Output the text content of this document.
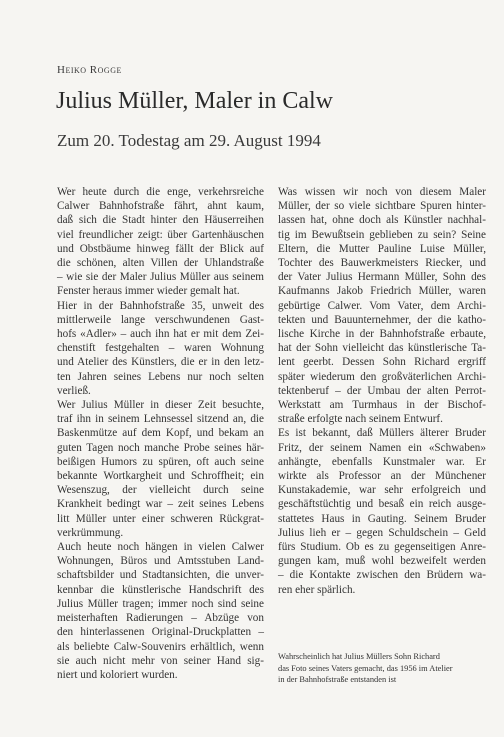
Heiko Rogge
Julius Müller, Maler in Calw
Zum 20. Todestag am 29. August 1994
Wer heute durch die enge, verkehrsreiche
Calwer Bahnhofstraße fährt, ahnt kaum,
daß sich die Stadt hinter den Häuserreihen
viel freundlicher zeigt: über Gartenhäuschen
und Obstbäume hinweg fällt der Blick auf
die schönen, alten Villen der Uhlandstraße
– wie sie der Maler Julius Müller aus seinem
Fenster heraus immer wieder gemalt hat.
Hier in der Bahnhofstraße 35, unweit des
mittlerweile lange verschwundenen Gast-
hofs «Adler» – auch ihn hat er mit dem Zei-
chenstift festgehalten – waren Wohnung
und Atelier des Künstlers, die er in den letz-
ten Jahren seines Lebens nur noch selten
verließ.
Wer Julius Müller in dieser Zeit besuchte,
traf ihn in seinem Lehnsessel sitzend an, die
Baskenmütze auf dem Kopf, und bekam an
guten Tagen noch manche Probe seines här-
beißigen Humors zu spüren, oft auch seine
bekannte Wortkargheit und Schroffheit; ein
Wesenszug, der vielleicht durch seine
Krankheit bedingt war – zeit seines Lebens
litt Müller unter einer schweren Rückgrat-
verkrümmung.
Auch heute noch hängen in vielen Calwer
Wohnungen, Büros und Amtsstuben Land-
schaftsbilder und Stadtansichten, die unver-
kennbar die künstlerische Handschrift des
Julius Müller tragen; immer noch sind seine
meisterhaften Radierungen – Abzüge von
den hinterlassenen Original-Druckplatten –
als beliebte Calw-Souvenirs erhältlich, wenn
sie auch nicht mehr von seiner Hand sig-
niert und koloriert wurden.
Was wissen wir noch von diesem Maler
Müller, der so viele sichtbare Spuren hinter-
lassen hat, ohne doch als Künstler nachhal-
tig im Bewußtsein geblieben zu sein? Seine
Eltern, die Mutter Pauline Luise Müller,
Tochter des Bauwerkmeisters Riecker, und
der Vater Julius Hermann Müller, Sohn des
Kaufmanns Jakob Friedrich Müller, waren
gebürtige Calwer. Vom Vater, dem Archi-
tekten und Bauunternehmer, der die katho-
lische Kirche in der Bahnhofstraße erbaute,
hat der Sohn vielleicht das künstlerische Ta-
lent geerbt. Dessen Sohn Richard ergriff
später wiederum den großväterlichen Archi-
tektenberuf – der Umbau der alten Perrot-
Werkstatt am Turmhaus in der Bischof-
straße erfolgte nach seinem Entwurf.
Es ist bekannt, daß Müllers älterer Bruder
Fritz, der seinem Namen ein «Schwaben»
anhängte, ebenfalls Kunstmaler war. Er
wirkte als Professor an der Münchener
Kunstakademie, war sehr erfolgreich und
geschäftstüchtig und besaß ein reich ausge-
stattetes Haus in Gauting. Seinem Bruder
Julius lieh er – gegen Schuldschein – Geld
fürs Studium. Ob es zu gegenseitigen Anre-
gungen kam, muß wohl bezweifelt werden
– die Kontakte zwischen den Brüdern wa-
ren eher spärlich.
Wahrscheinlich hat Julius Müllers Sohn Richard
das Foto seines Vaters gemacht, das 1956 im Atelier
in der Bahnhofstraße entstanden ist
